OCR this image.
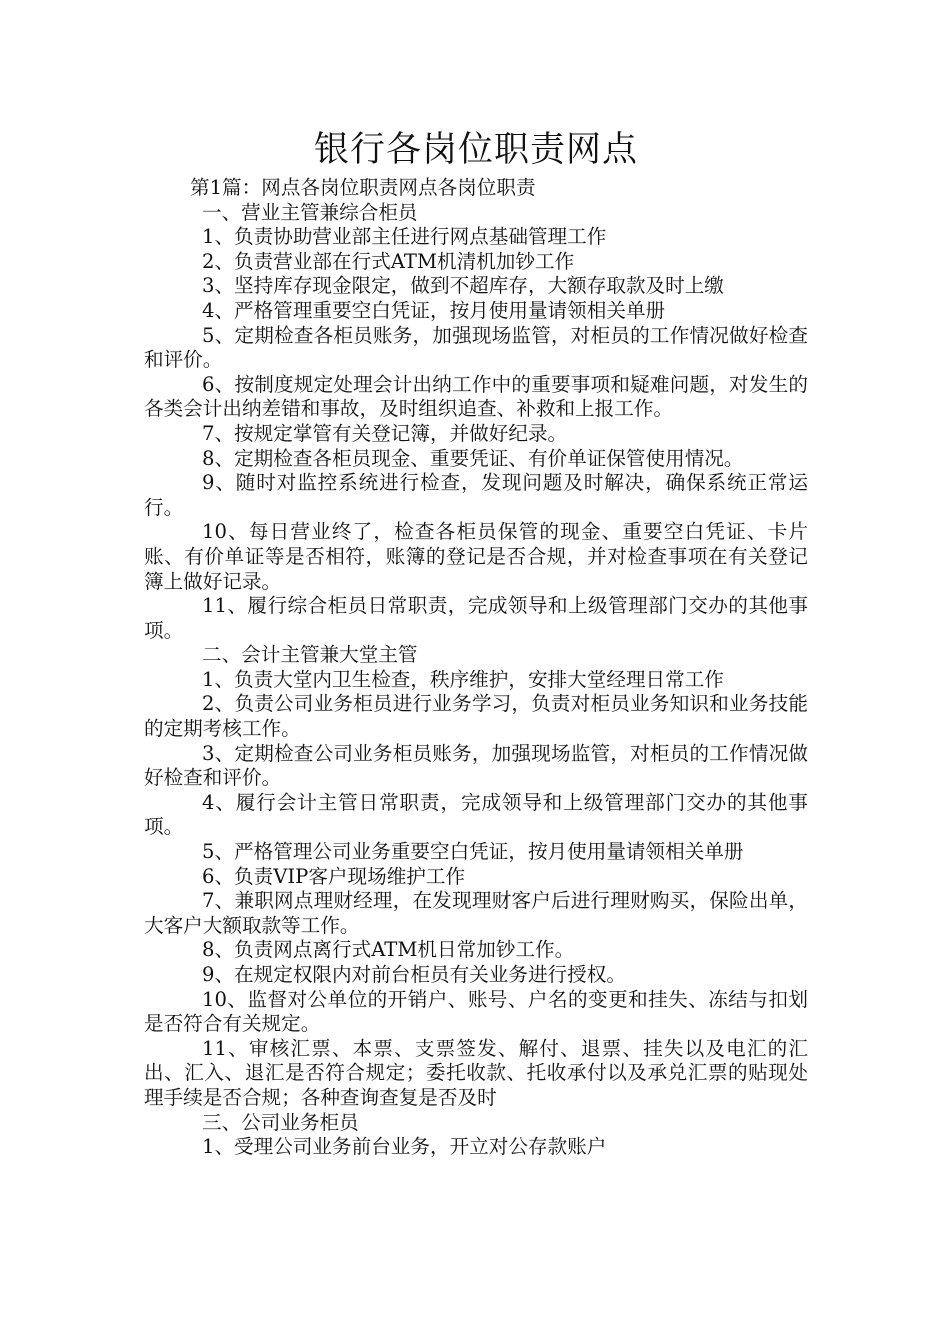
银行各岗位职责网点

第1篇：网点各岗位职责网点各岗位职责

一、营业主管兼综合柜员

1、负责协助营业部主任进行网点基础管理工作

2、负责营业部在行式ATM机清机加钞工作

3、坚持库存现金限定，做到不超库存，大额存取款及时上缴

4、严格管理重要空白凭证，按月使用量请领相关单册

5、定期检查各柜员账务，加强现场监管，对柜员的工作情况做好检查和评价。

6、按制度规定处理会计出纳工作中的重要事项和疑难问题，对发生的各类会计出纳差错和事故，及时组织追查、补救和上报工作。

7、按规定掌管有关登记簿，并做好纪录。

8、定期检查各柜员现金、重要凭证、有价单证保管使用情况。

9、随时对监控系统进行检查，发现问题及时解决，确保系统正常运行。

10、每日营业终了，检查各柜员保管的现金、重要空白凭证、卡片账、有价单证等是否相符，账簿的登记是否合规，并对检查事项在有关登记簿上做好记录。

11、履行综合柜员日常职责，完成领导和上级管理部门交办的其他事项。

二、会计主管兼大堂主管

1、负责大堂内卫生检查，秩序维护，安排大堂经理日常工作

2、负责公司业务柜员进行业务学习，负责对柜员业务知识和业务技能的定期考核工作。

3、定期检查公司业务柜员账务，加强现场监管，对柜员的工作情况做好检查和评价。

4、履行会计主管日常职责，完成领导和上级管理部门交办的其他事项。

5、严格管理公司业务重要空白凭证，按月使用量请领相关单册

6、负责VIP客户现场维护工作

7、兼职网点理财经理，在发现理财客户后进行理财购买，保险出单，大客户大额取款等工作。

8、负责网点离行式ATM机日常加钞工作。

9、在规定权限内对前台柜员有关业务进行授权。

10、监督对公单位的开销户、账号、户名的变更和挂失、冻结与扣划是否符合有关规定。

11、审核汇票、本票、支票签发、解付、退票、挂失以及电汇的汇出、汇入、退汇是否符合规定；委托收款、托收承付以及承兑汇票的贴现处理手续是否合规；各种查询查复是否及时

三、公司业务柜员

1、受理公司业务前台业务，开立对公存款账户
